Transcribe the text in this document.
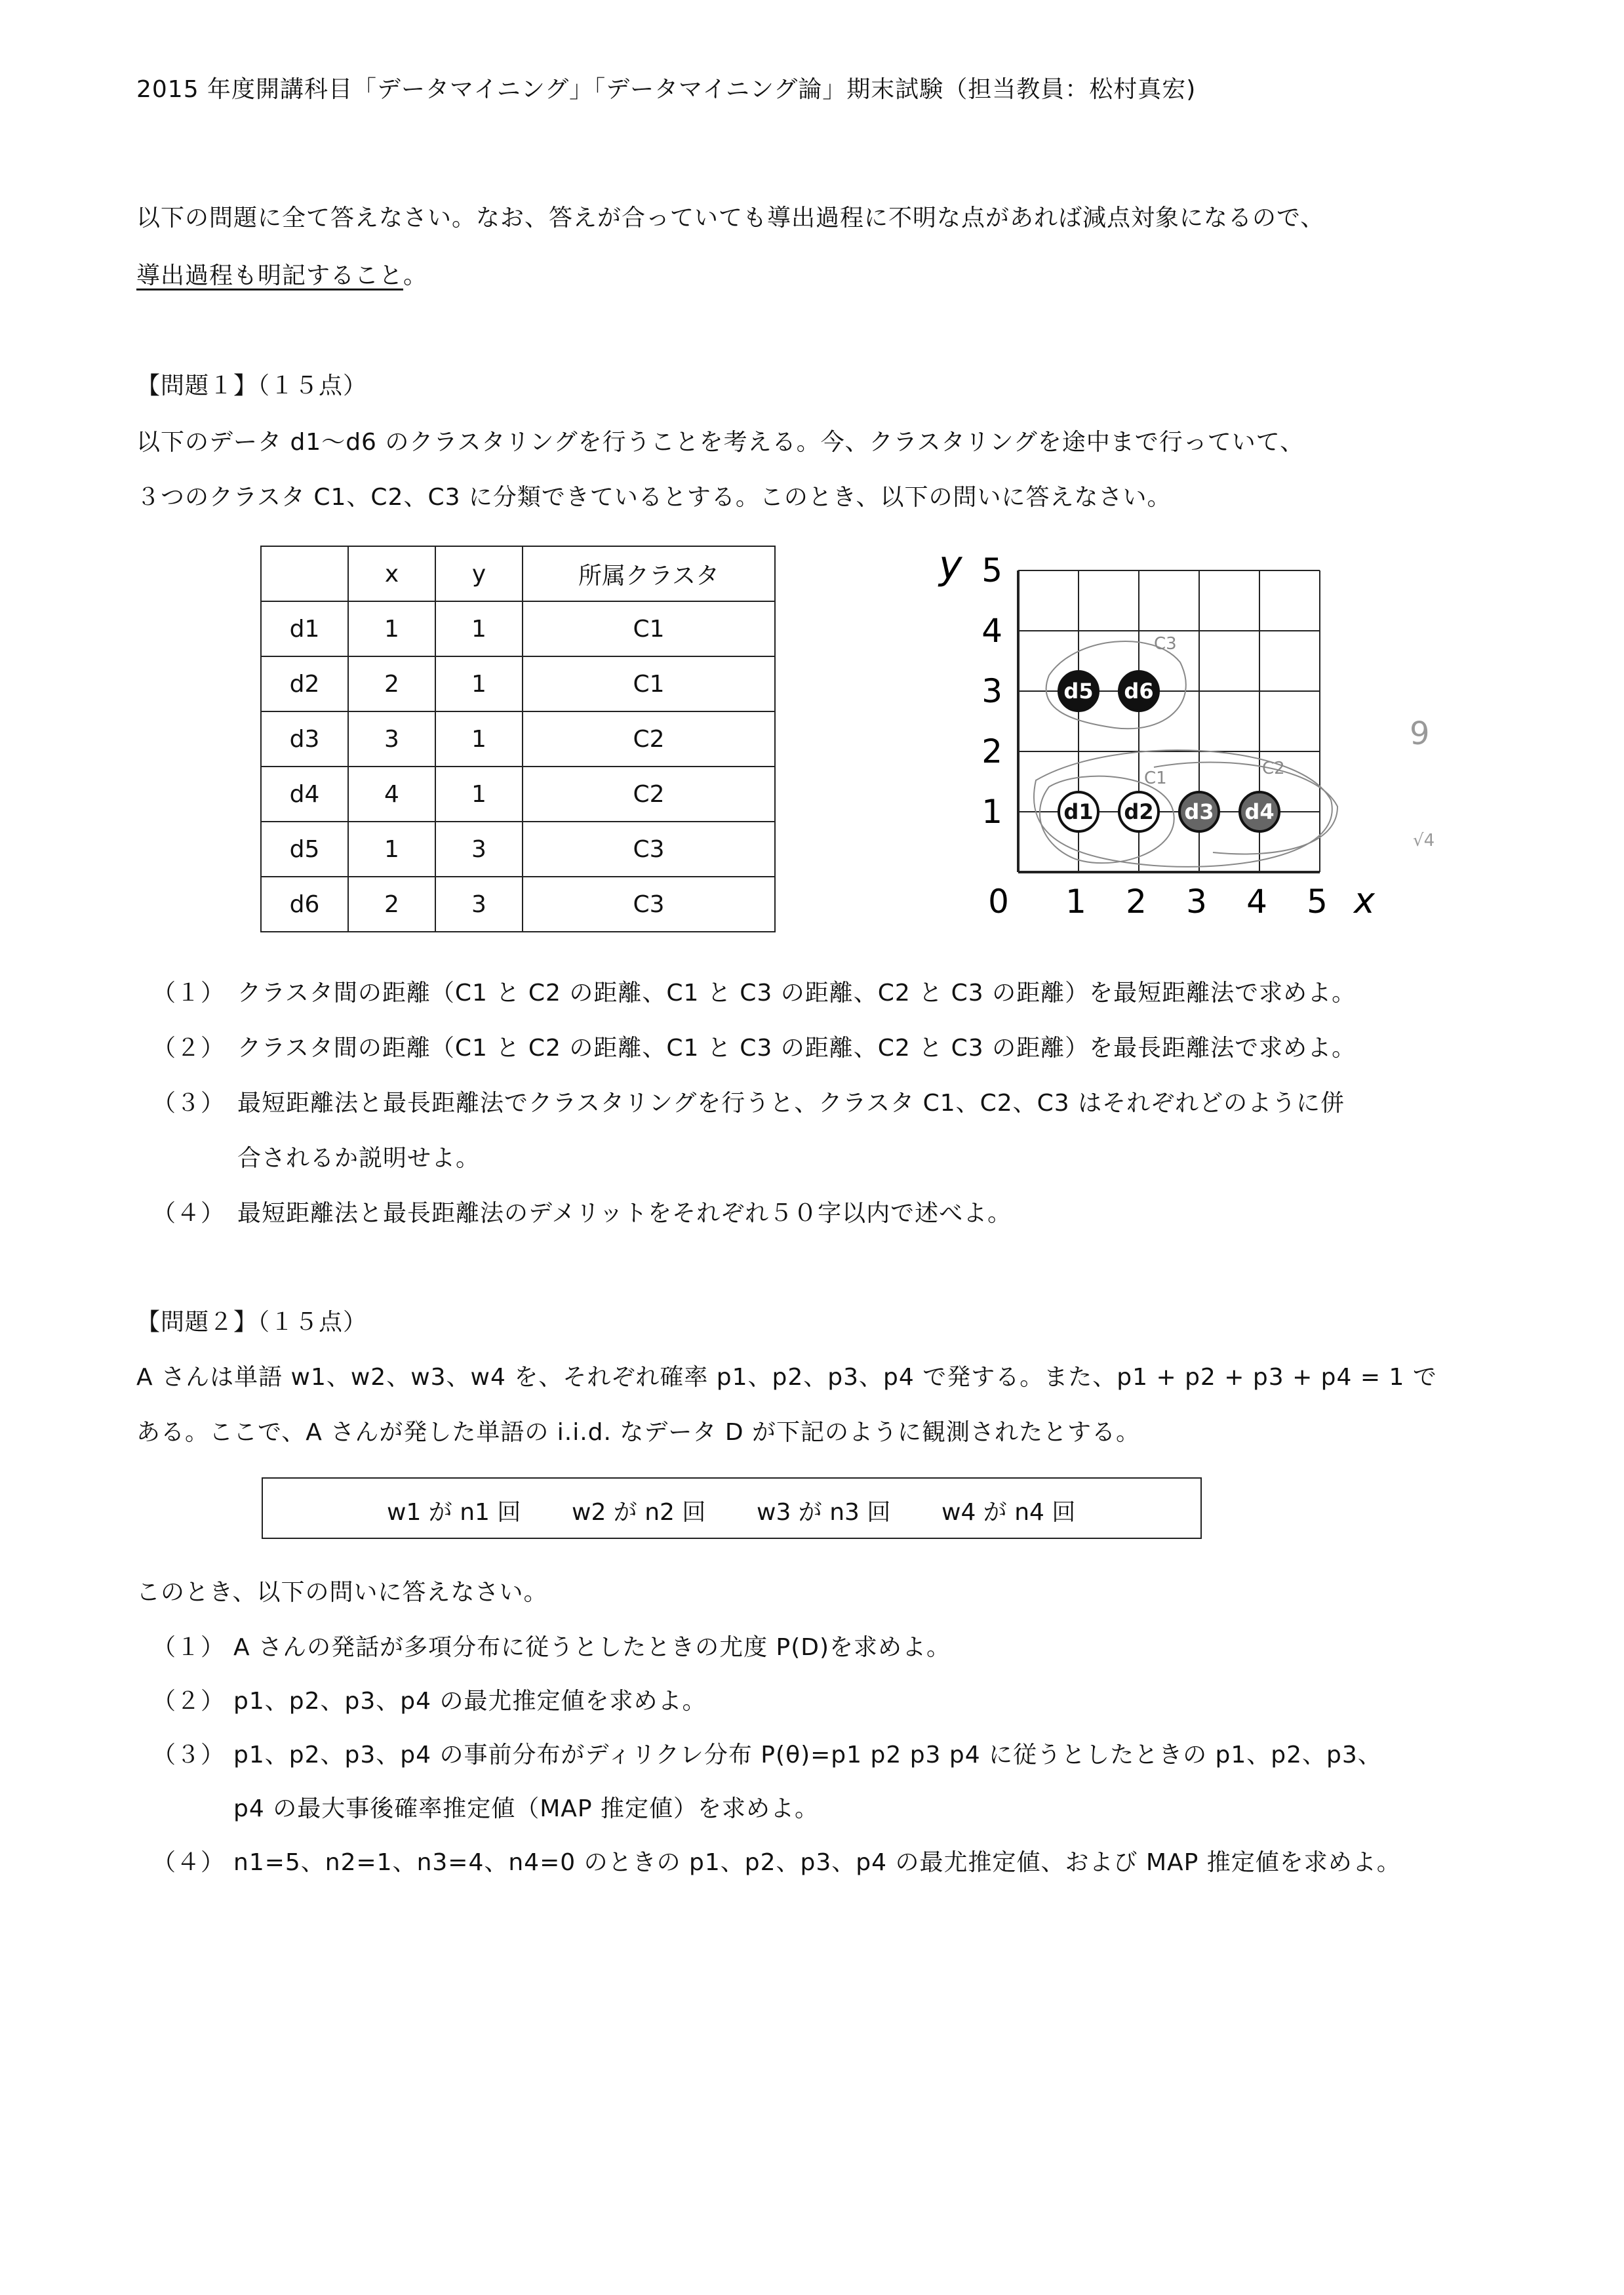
2015 年度開講科目「データマイニング」「データマイニング論」期末試験（担当教員：松村真宏)
以下の問題に全て答えなさい。なお、答えが合っていても導出過程に不明な点があれば減点対象になるので、
導出過程も明記すること。
【問題１】（１５点）
以下のデータ d1～d6 のクラスタリングを行うことを考える。今、クラスタリングを途中まで行っていて、
３つのクラスタ C1、C2、C3 に分類できているとする。このとき、以下の問いに答えなさい。
	x	y	所属クラスタ
d1	1	1	C1
d2	2	1	C1
d3	3	1	C2
d4	4	1	C2
d5	1	3	C3
d6	2	3	C3
C3
C1	C2
9
√4
y
x
0 1 2 3 4 5
1
2
3
4
5
d1 d2 d3 d4
d5 d6
（１） クラスタ間の距離（C1 と C2 の距離、C1 と C3 の距離、C2 と C3 の距離）を最短距離法で求めよ。
（２） クラスタ間の距離（C1 と C2 の距離、C1 と C3 の距離、C2 と C3 の距離）を最長距離法で求めよ。
（３） 最短距離法と最長距離法でクラスタリングを行うと、クラスタ C1、C2、C3 はそれぞれどのように併
合されるか説明せよ。
（４） 最短距離法と最長距離法のデメリットをそれぞれ５０字以内で述べよ。
【問題２】（１５点）
A さんは単語 w1、w2、w3、w4 を、それぞれ確率 p1、p2、p3、p4 で発する。また、p1 + p2 + p3 + p4 = 1 で
ある。ここで、A さんが発した単語の i.i.d. なデータ D が下記のように観測されたとする。
w1 が n1 回 w2 が n2 回 w3 が n3 回 w4 が n4 回
このとき、以下の問いに答えなさい。
（１） A さんの発話が多項分布に従うとしたときの尤度 P(D)を求めよ。
（２） p1、p2、p3、p4 の最尤推定値を求めよ。
（３） p1、p2、p3、p4 の事前分布がディリクレ分布 P(θ)=p1 p2 p3 p4 に従うとしたときの p1、p2、p3、
p4 の最大事後確率推定値（MAP 推定値）を求めよ。
（４） n1=5、n2=1、n3=4、n4=0 のときの p1、p2、p3、p4 の最尤推定値、および MAP 推定値を求めよ。
